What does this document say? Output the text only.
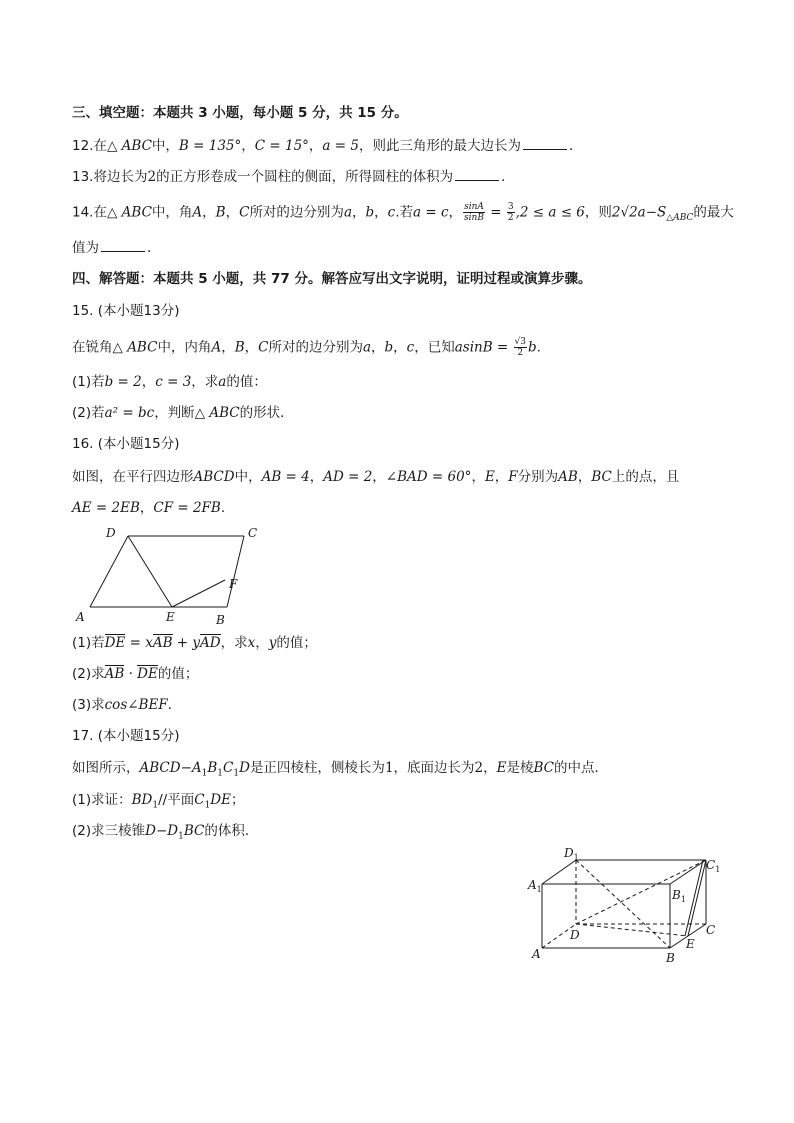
三、填空题：本题共 3 小题，每小题 5 分，共 15 分。
12.在△ ABC中，B = 135°，C = 15°，a = 5，则此三角形的最大边长为	．
13.将边长为2的正方形卷成一个圆柱的侧面，所得圆柱的体积为	．
14.在△ ABC中，角A，B，C所对的边分别为a，b，c.若a = c， $\frac{\sin A}{\sin B} = \frac{3}{2} ,2 \le a \le 6$，则$2√2a-S_{\triangle ABC}$的最大
值为	．
四、解答题：本题共 5 小题，共 77 分。解答应写出文字说明，证明过程或演算步骤。
15. (本小题13分)
在锐角△ ABC中，内角A，B，C所对的边分别为a，b，c，已知$asinB = \frac{√3}{2} b$.
(1)若b = 2，c = 3，求a的值：
(2)若a² = bc，判断△ ABC的形状．
16. (本小题15分)
如图，在平行四边形ABCD中，AB = 4，AD = 2，∠BAD = 60°，E，F分别为AB，BC上的点，且
AE = 2EB，CF = 2FB.
A	B
C
D
E
F
(1)若DE = xAB + yAD，求x，y的值；
(2)求AB · DE的值；
(3)求cos∠BEF．
17. (本小题15分)
如图所示，$ABCD-A_1B_1C_1D$是正四棱柱，侧棱长为1，底面边长为2，E是棱BC的中点．
(1)求证：$BD_1//$平面$C_1DE$；
(2)求三棱锥$D-D_1BC$的体积．
$A_1$
$D_1$
$C_1$
$B_1$
A	B
C
D
E
